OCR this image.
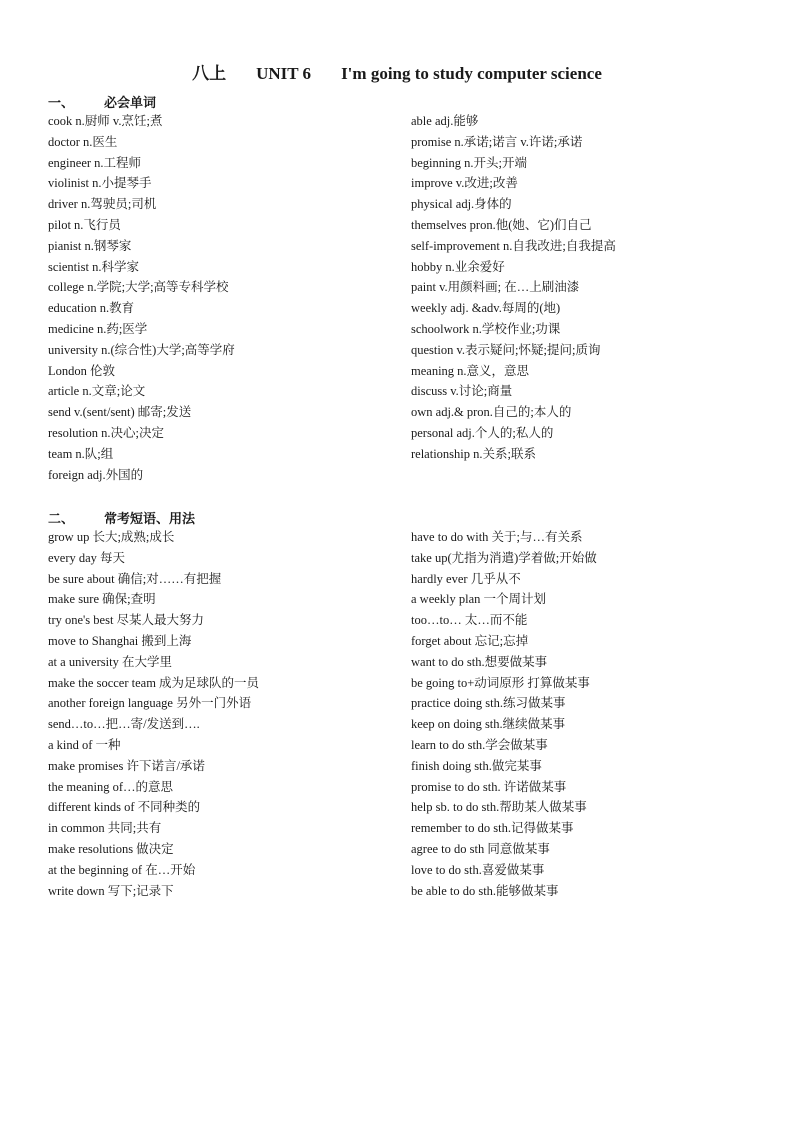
八上 UNIT 6 I'm going to study computer science
一、 必会单词
cook n.厨师 v.烹饪;煮
doctor n.医生
engineer n.工程师
violinist n.小提琴手
driver n.驾驶员;司机
pilot n.飞行员
pianist n.钢琴家
scientist n.科学家
college n.学院;大学;高等专科学校
education n.教育
medicine n.药;医学
university n.(综合性)大学;高等学府
London 伦敦
article n.文章;论文
send v.(sent/sent) 邮寄;发送
resolution n.决心;决定
team n.队;组
foreign adj.外国的
able adj.能够
promise n.承诺;诺言 v.许诺;承诺
beginning n.开头;开端
improve v.改进;改善
physical adj.身体的
themselves pron.他(她、它)们自己
self-improvement n.自我改进;自我提高
hobby n.业余爱好
paint v.用颜料画; 在…上刷油漆
weekly adj. &adv.每周的(地)
schoolwork n.学校作业;功课
question v.表示疑问;怀疑;提问;质询
meaning n.意义，意思
discuss v.讨论;商量
own adj.& pron.自己的;本人的
personal adj.个人的;私人的
relationship n.关系;联系
二、 常考短语、用法
grow up 长大;成熟;成长
every day 每天
be sure about 确信;对……有把握
make sure 确保;查明
try one's best 尽某人最大努力
move to Shanghai 搬到上海
at a university 在大学里
make the soccer team 成为足球队的一员
another foreign language 另外一门外语
send…to…把…寄/发送到….
a kind of 一种
make promises 许下诺言/承诺
the meaning of…的意思
different kinds of 不同种类的
in common 共同;共有
make resolutions 做决定
at the beginning of 在…开始
write down 写下;记录下
have to do with 关于;与…有关系
take up(尤指为消遣)学着做;开始做
hardly ever 几乎从不
a weekly plan 一个周计划
too…to… 太…而不能
forget about 忘记;忘掉
want to do sth.想要做某事
be going to+动词原形 打算做某事
practice doing sth.练习做某事
keep on doing sth.继续做某事
learn to do sth.学会做某事
finish doing sth.做完某事
promise to do sth. 许诺做某事
help sb. to do sth.帮助某人做某事
remember to do sth.记得做某事
agree to do sth 同意做某事
love to do sth.喜爱做某事
be able to do sth.能够做某事
